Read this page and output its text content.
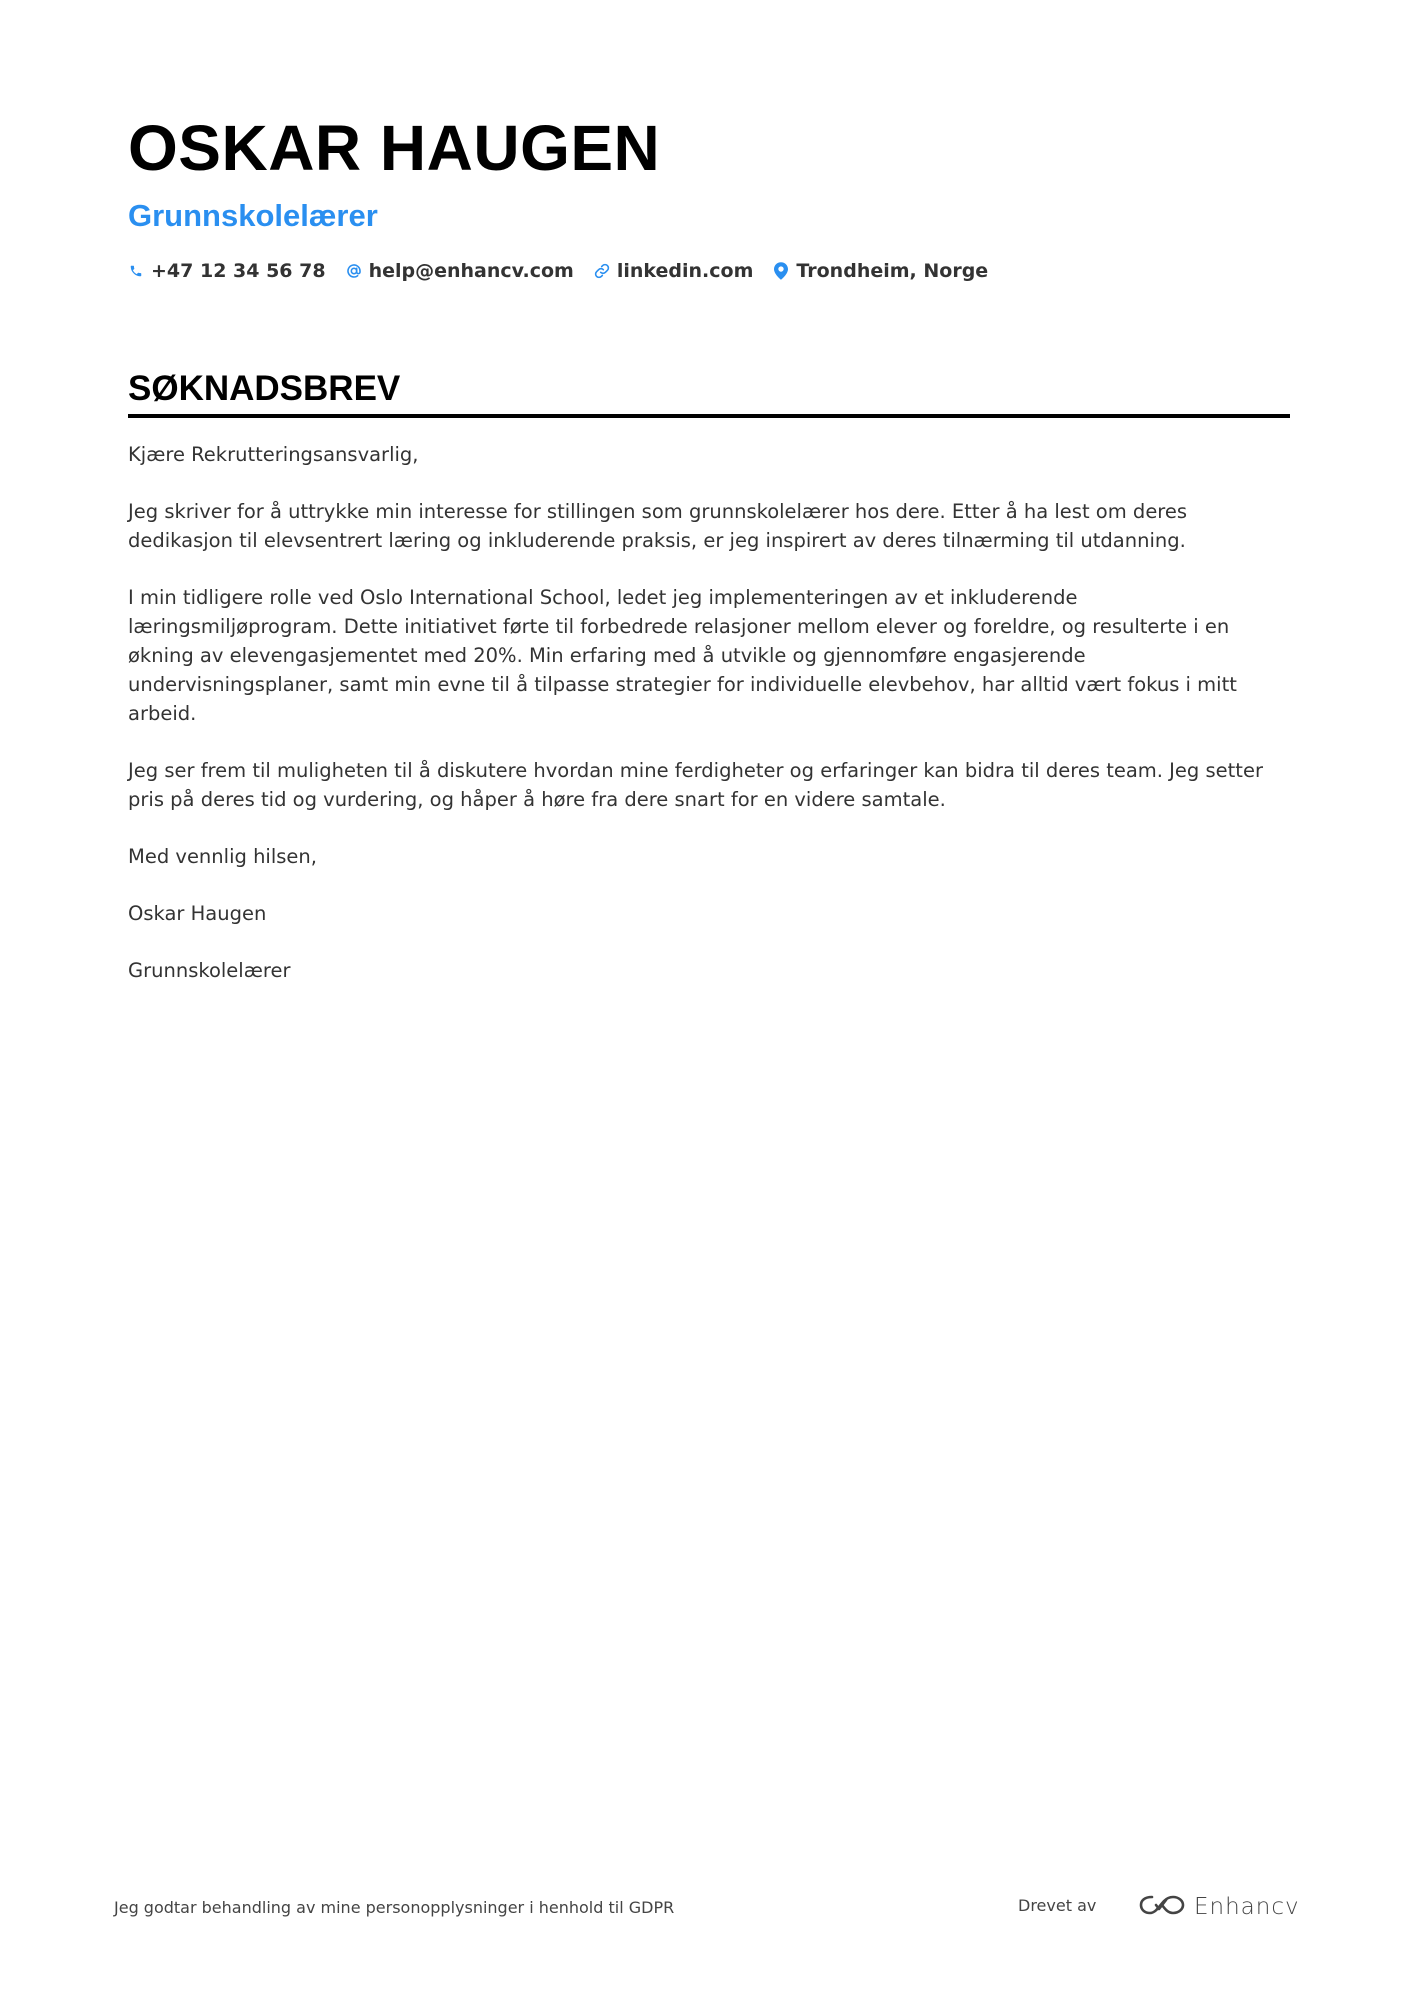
OSKAR HAUGEN
Grunnskolelærer
+47 12 34 56 78 help@enhancv.com linkedin.com Trondheim, Norge
SØKNADSBREV

Kjære Rekrutteringsansvarlig,

Jeg skriver for å uttrykke min interesse for stillingen som grunnskolelærer hos dere. Etter å ha lest om deres dedikasjon til elevsentrert læring og inkluderende praksis, er jeg inspirert av deres tilnærming til utdanning.

I min tidligere rolle ved Oslo International School, ledet jeg implementeringen av et inkluderende læringsmiljøprogram. Dette initiativet førte til forbedrede relasjoner mellom elever og foreldre, og resulterte i en økning av elevengasjementet med 20%. Min erfaring med å utvikle og gjennomføre engasjerende undervisningsplaner, samt min evne til å tilpasse strategier for individuelle elevbehov, har alltid vært fokus i mitt arbeid.

Jeg ser frem til muligheten til å diskutere hvordan mine ferdigheter og erfaringer kan bidra til deres team. Jeg setter pris på deres tid og vurdering, og håper å høre fra dere snart for en videre samtale.

Med vennlig hilsen,

Oskar Haugen

Grunnskolelærer

Jeg godtar behandling av mine personopplysninger i henhold til GDPR	Drevet av	Enhancv
